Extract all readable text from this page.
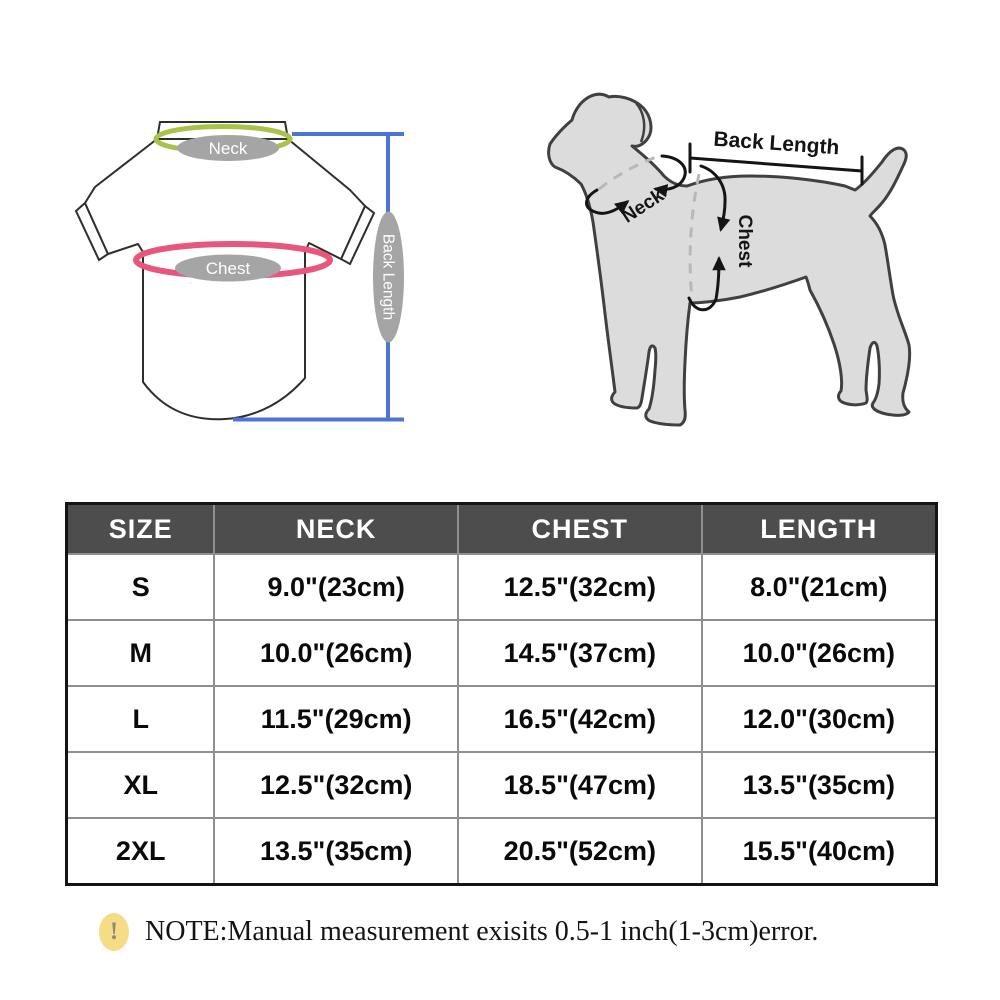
Neck
Chest	Back Length
Back Length
Neck
Chest
SIZE	NECK	CHEST	LENGTH
S	9.0"(23cm)	12.5"(32cm)	8.0"(21cm)
M	10.0"(26cm)	14.5"(37cm)	10.0"(26cm)
L	11.5"(29cm)	16.5"(42cm)	12.0"(30cm)
XL	12.5"(32cm)	18.5"(47cm)	13.5"(35cm)
2XL	13.5"(35cm)	20.5"(52cm)	15.5"(40cm)
! NOTE:Manual measurement exisits 0.5-1 inch(1-3cm)error.
